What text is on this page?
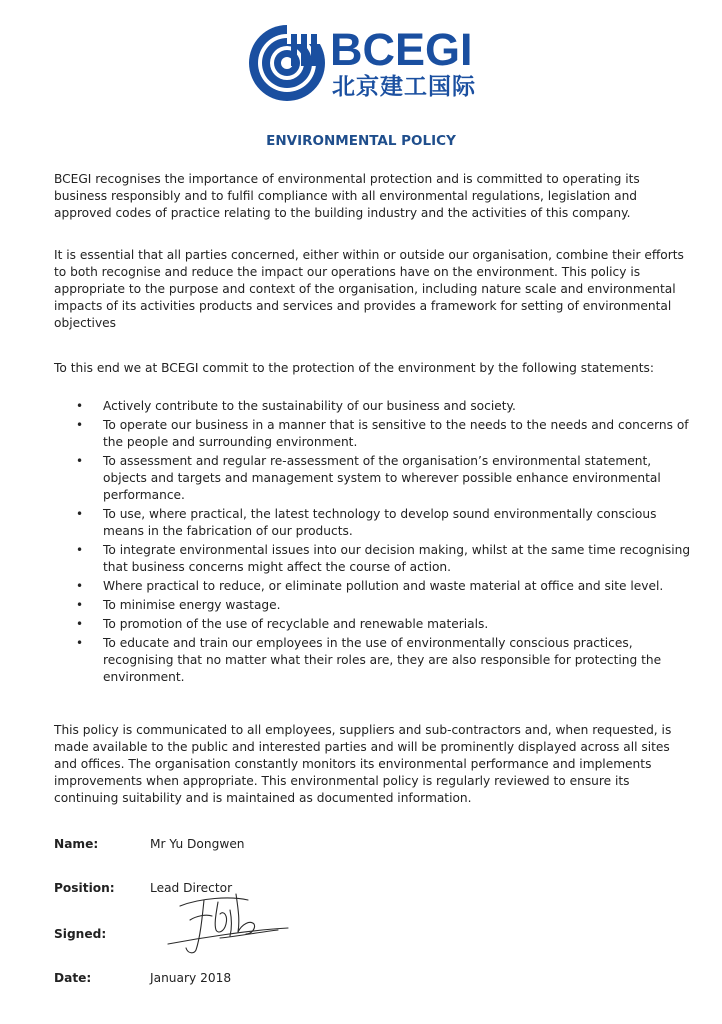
BCEGI
北京建工国际
ENVIRONMENTAL POLICY

BCEGI recognises the importance of environmental protection and is committed to operating its business responsibly and to fulfil compliance with all environmental regulations, legislation and approved codes of practice relating to the building industry and the activities of this company.

It is essential that all parties concerned, either within or outside our organisation, combine their efforts to both recognise and reduce the impact our operations have on the environment. This policy is appropriate to the purpose and context of the organisation, including nature scale and environmental impacts of its activities products and services and provides a framework for setting of environmental objectives

To this end we at BCEGI commit to the protection of the environment by the following statements:

• Actively contribute to the sustainability of our business and society.
• To operate our business in a manner that is sensitive to the needs to the needs and concerns of the people and surrounding environment.
• To assessment and regular re-assessment of the organisation’s environmental statement, objects and targets and management system to wherever possible enhance environmental performance.
• To use, where practical, the latest technology to develop sound environmentally conscious means in the fabrication of our products.
• To integrate environmental issues into our decision making, whilst at the same time recognising that business concerns might affect the course of action.
• Where practical to reduce, or eliminate pollution and waste material at office and site level.
• To minimise energy wastage.
• To promotion of the use of recyclable and renewable materials.
• To educate and train our employees in the use of environmentally conscious practices, recognising that no matter what their roles are, they are also responsible for protecting the environment.

This policy is communicated to all employees, suppliers and sub-contractors and, when requested, is made available to the public and interested parties and will be prominently displayed across all sites and offices. The organisation constantly monitors its environmental performance and implements improvements when appropriate. This environmental policy is regularly reviewed to ensure its continuing suitability and is maintained as documented information.

Name:	Mr Yu Dongwen
Position:	Lead Director
Signed:
Date:	January 2018
